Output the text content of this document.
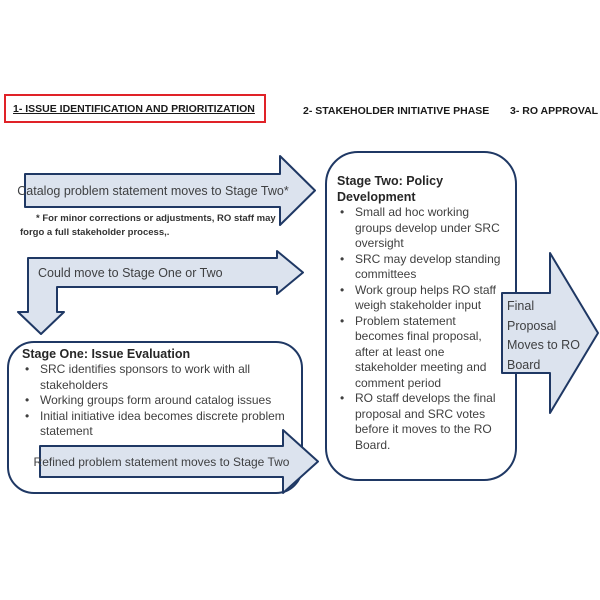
1- ISSUE IDENTIFICATION AND PRIORITIZATION	2- STAKEHOLDER INITIATIVE PHASE 3- RO APPROVAL
Catalog problem statement moves to Stage Two*
* For minor corrections or adjustments, RO staff may
forgo a full stakeholder process,.
Could move to Stage One or Two
Refined problem statement moves to Stage Two
Stage One: Issue Evaluation
• SRC identifies sponsors to work with all stakeholders
• Working groups form around catalog issues
• Initial initiative idea becomes discrete problem statement
Stage Two: Policy Development
• Small ad hoc working groups develop under SRC oversight
• SRC may develop standing committees
• Work group helps RO staff weigh stakeholder input
• Problem statement becomes final proposal, after at least one stakeholder meeting and comment period
• RO staff develops the final proposal and SRC votes before it moves to the RO Board.
Final
Proposal
Moves to RO
Board
